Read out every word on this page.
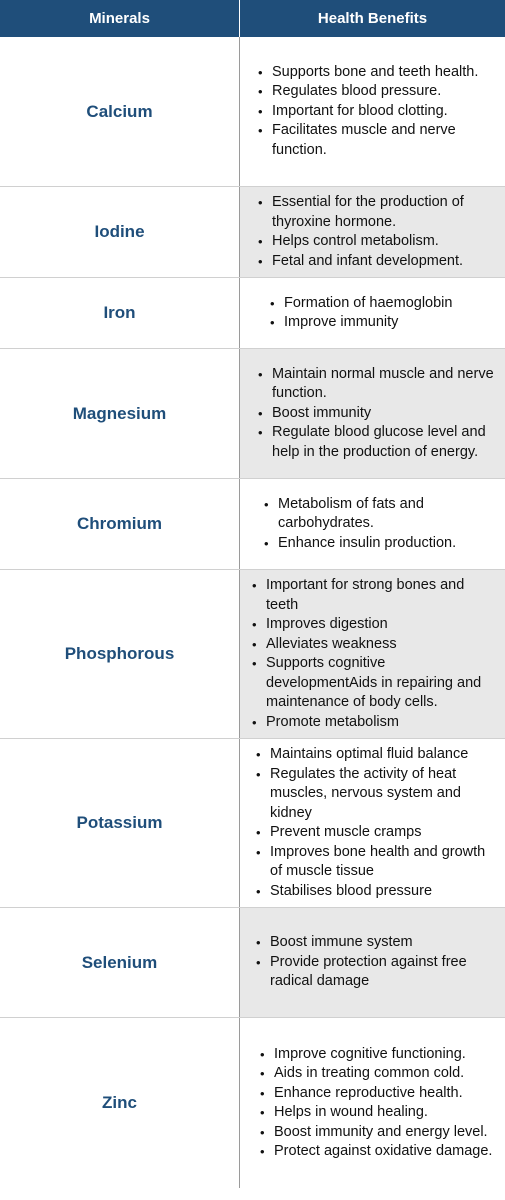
Minerals	Health Benefits
Calcium
• Supports bone and teeth health.
• Regulates blood pressure.
• Important for blood clotting.
• Facilitates muscle and nerve function.
Iodine
• Essential for the production of thyroxine hormone.
• Helps control metabolism.
• Fetal and infant development.
Iron
• Formation of haemoglobin
• Improve immunity
Magnesium
• Maintain normal muscle and nerve function.
• Boost immunity
• Regulate blood glucose level and help in the production of energy.
Chromium
• Metabolism of fats and carbohydrates.
• Enhance insulin production.
Phosphorous
• Important for strong bones and teeth
• Improves digestion
• Alleviates weakness
• Supports cognitive developmentAids in repairing and maintenance of body cells.
• Promote metabolism
Potassium
• Maintains optimal fluid balance
• Regulates the activity of heat muscles, nervous system and kidney
• Prevent muscle cramps
• Improves bone health and growth of muscle tissue
• Stabilises blood pressure
Selenium
• Boost immune system
• Provide protection against free radical damage
Zinc
• Improve cognitive functioning.
• Aids in treating common cold.
• Enhance reproductive health.
• Helps in wound healing.
• Boost immunity and energy level.
• Protect against oxidative damage.
